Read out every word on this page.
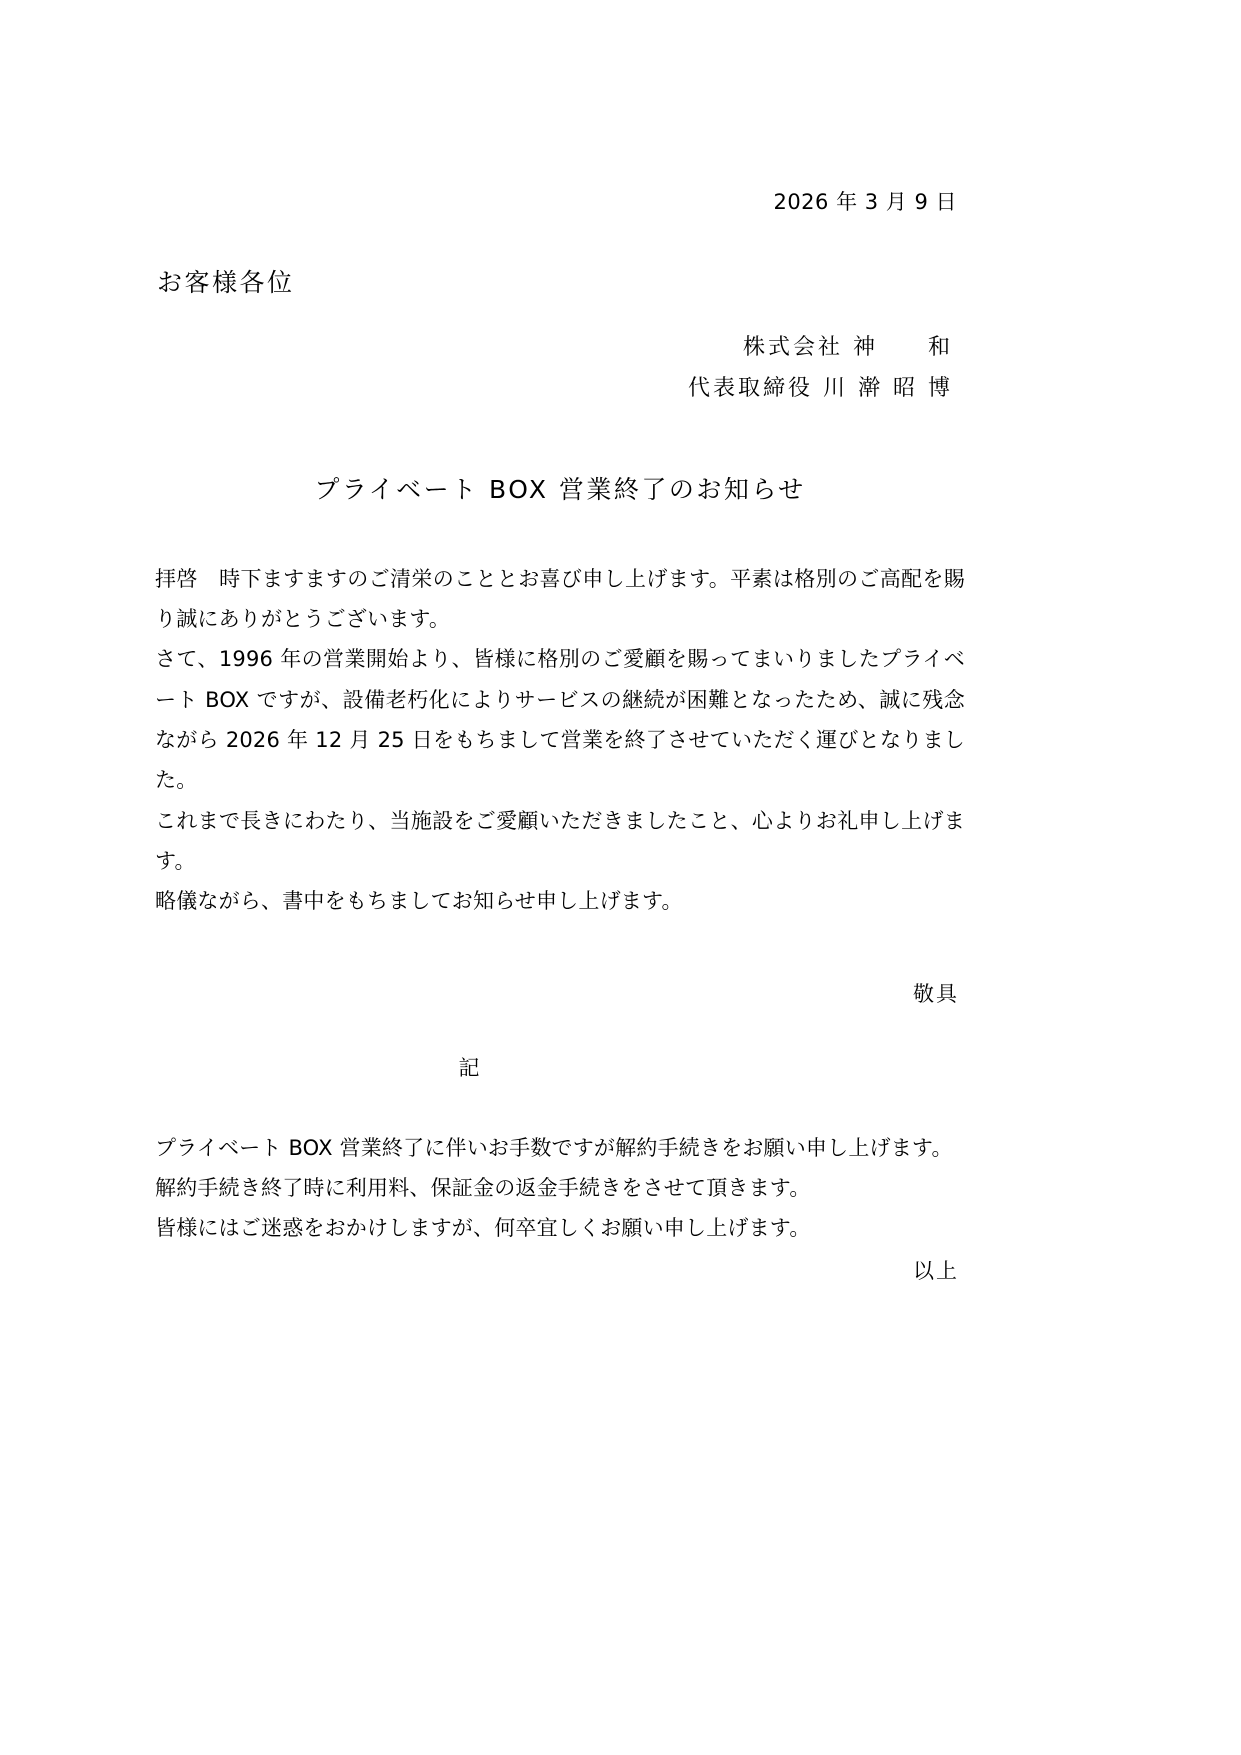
2026 年 3 月 9 日
お客様各位
株式会社 神　　和
代表取締役 川 澣 昭 博
プライベート BOX 営業終了のお知らせ

拝啓　時下ますますのご清栄のこととお喜び申し上げます。平素は格別のご高配を賜り誠にありがとうございます。

さて、1996 年の営業開始より、皆様に格別のご愛顧を賜ってまいりましたプライベート BOX ですが、設備老朽化によりサービスの継続が困難となったため、誠に残念ながら 2026 年 12 月 25 日をもちまして営業を終了させていただく運びとなりました。

これまで長きにわたり、当施設をご愛顧いただきましたこと、心よりお礼申し上げます。

略儀ながら、書中をもちましてお知らせ申し上げます。

敬具
記

プライベート BOX 営業終了に伴いお手数ですが解約手続きをお願い申し上げます。

解約手続き終了時に利用料、保証金の返金手続きをさせて頂きます。

皆様にはご迷惑をおかけしますが、何卒宜しくお願い申し上げます。

以上
